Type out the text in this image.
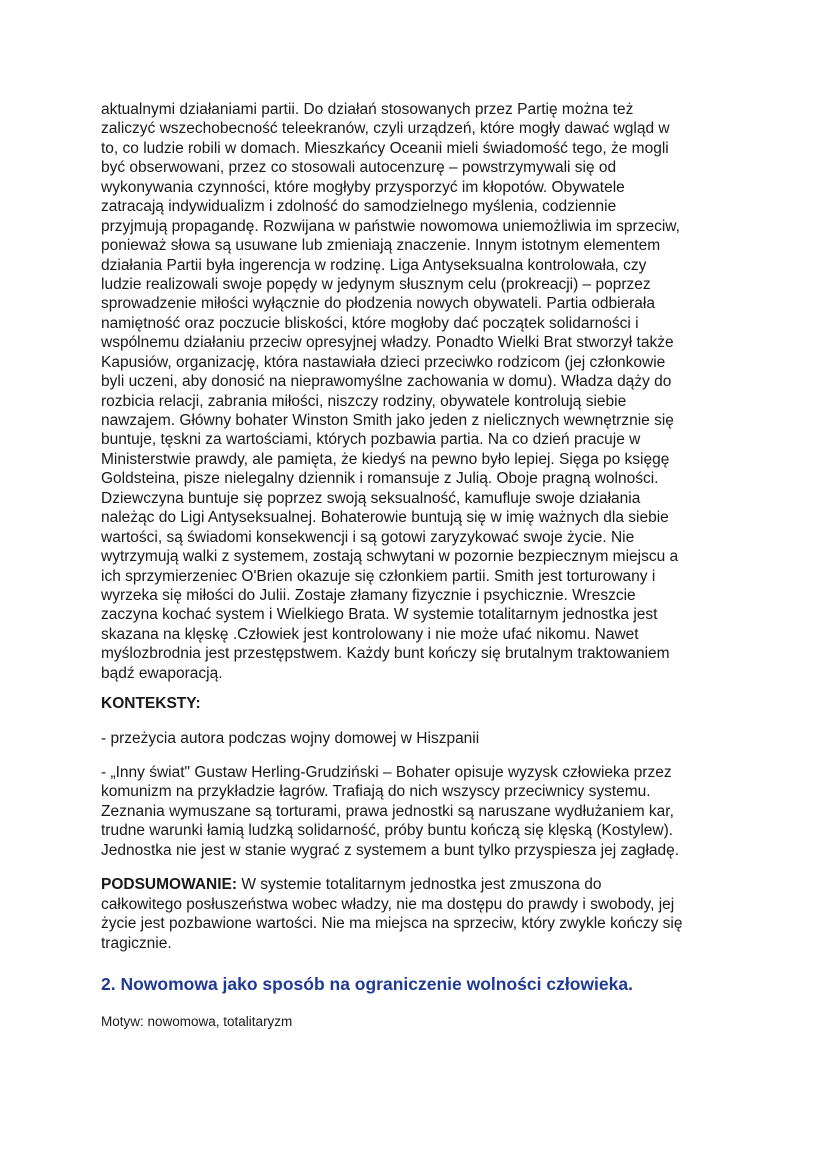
aktualnymi działaniami partii. Do działań stosowanych przez Partię można też
zaliczyć wszechobecność teleekranów, czyli urządzeń, które mogły dawać wgląd w
to, co ludzie robili w domach. Mieszkańcy Oceanii mieli świadomość tego, że mogli
być obserwowani, przez co stosowali autocenzurę – powstrzymywali się od
wykonywania czynności, które mogłyby przysporzyć im kłopotów. Obywatele
zatracają indywidualizm i zdolność do samodzielnego myślenia, codziennie
przyjmują propagandę. Rozwijana w państwie nowomowa uniemożliwia im sprzeciw,
ponieważ słowa są usuwane lub zmieniają znaczenie. Innym istotnym elementem
działania Partii była ingerencja w rodzinę. Liga Antyseksualna kontrolowała, czy
ludzie realizowali swoje popędy w jedynym słusznym celu (prokreacji) – poprzez
sprowadzenie miłości wyłącznie do płodzenia nowych obywateli. Partia odbierała
namiętność oraz poczucie bliskości, które mogłoby dać początek solidarności i
wspólnemu działaniu przeciw opresyjnej władzy. Ponadto Wielki Brat stworzył także
Kapusiów, organizację, która nastawiała dzieci przeciwko rodzicom (jej członkowie
byli uczeni, aby donosić na nieprawomyślne zachowania w domu). Władza dąży do
rozbicia relacji, zabrania miłości, niszczy rodziny, obywatele kontrolują siebie
nawzajem. Główny bohater Winston Smith jako jeden z nielicznych wewnętrznie się
buntuje, tęskni za wartościami, których pozbawia partia. Na co dzień pracuje w
Ministerstwie prawdy, ale pamięta, że kiedyś na pewno było lepiej. Sięga po księgę
Goldsteina, pisze nielegalny dziennik i romansuje z Julią. Oboje pragną wolności.
Dziewczyna buntuje się poprzez swoją seksualność, kamufluje swoje działania
należąc do Ligi Antyseksualnej. Bohaterowie buntują się w imię ważnych dla siebie
wartości, są świadomi konsekwencji i są gotowi zaryzykować swoje życie. Nie
wytrzymują walki z systemem, zostają schwytani w pozornie bezpiecznym miejscu a
ich sprzymierzeniec O'Brien okazuje się członkiem partii. Smith jest torturowany i
wyrzeka się miłości do Julii. Zostaje złamany fizycznie i psychicznie. Wreszcie
zaczyna kochać system i Wielkiego Brata. W systemie totalitarnym jednostka jest
skazana na klęskę .Człowiek jest kontrolowany i nie może ufać nikomu. Nawet
myślozbrodnia jest przestępstwem. Każdy bunt kończy się brutalnym traktowaniem
bądź ewaporacją.
KONTEKSTY:
- przeżycia autora podczas wojny domowej w Hiszpanii
- „Inny świat" Gustaw Herling-Grudziński – Bohater opisuje wyzysk człowieka przez
komunizm na przykładzie łagrów. Trafiają do nich wszyscy przeciwnicy systemu.
Zeznania wymuszane są torturami, prawa jednostki są naruszane wydłużaniem kar,
trudne warunki łamią ludzką solidarność, próby buntu kończą się klęską (Kostylew).
Jednostka nie jest w stanie wygrać z systemem a bunt tylko przyspiesza jej zagładę.
PODSUMOWANIE: W systemie totalitarnym jednostka jest zmuszona do
całkowitego posłuszeństwa wobec władzy, nie ma dostępu do prawdy i swobody, jej
życie jest pozbawione wartości. Nie ma miejsca na sprzeciw, który zwykle kończy się
tragicznie.
2. Nowomowa jako sposób na ograniczenie wolności człowieka.
Motyw: nowomowa, totalitaryzm
